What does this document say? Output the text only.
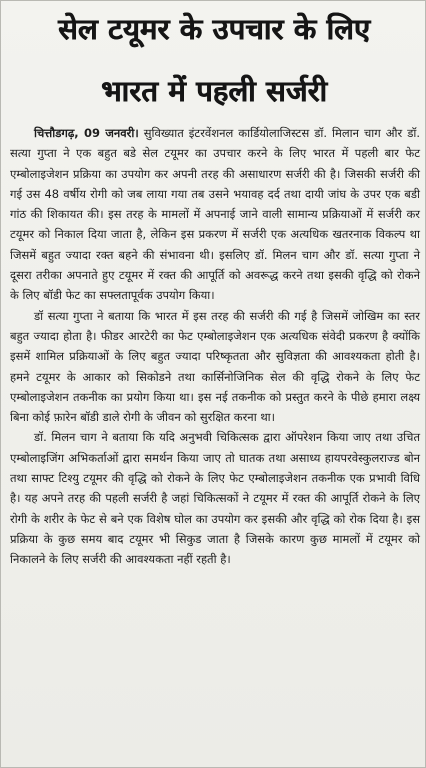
सेल टयूमर के उपचार के लिए
भारत में पहली सर्जरी

चित्तौडगढ़, 09 जनवरी। सुविख्यात इंटरवेंशनल कार्डियोलाजिस्टस डॉ. मिलान चाग और डॉ. सत्या गुप्ता ने एक बहुत बडे सेल टयूमर का उपचार करने के लिए भारत में पहली बार फेट एम्बोलाइजेशन प्रक्रिया का उपयोग कर अपनी तरह की असाधारण सर्जरी की है। जिसकी सर्जरी की गई उस 48 वर्षीय रोगी को जब लाया गया तब उसने भयावह दर्द तथा दायी जांघ के उपर एक बडी गांठ की शिकायत की। इस तरह के मामलों में अपनाई जाने वाली सामान्य प्रक्रियाओं में सर्जरी कर टयूमर को निकाल दिया जाता है, लेकिन इस प्रकरण में सर्जरी एक अत्यधिक खतरनाक विकल्प था जिसमें बहुत ज्यादा रक्त बहने की संभावना थी। इसलिए डॉ. मिलन चाग और डॉ. सत्या गुप्ता ने दूसरा तरीका अपनाते हुए टयूमर में रक्त की आपूर्ति को अवरूद्ध करने तथा इसकी वृद्धि को रोकने के लिए बॉडी फेट का सफ्लतापूर्वक उपयोग किया।

डॉ सत्या गुप्ता ने बताया कि भारत में इस तरह की सर्जरी की गई है जिसमें जोखिम का स्तर बहुत ज्यादा होता है। फीडर आरटेरी का फेट एम्बोलाइजेशन एक अत्यधिक संवेदी प्रकरण है क्योंकि इसमें शामिल प्रक्रियाओं के लिए बहुत ज्यादा परिष्कृतता और सुविज्ञता की आवश्यकता होती है। हमने टयूमर के आकार को सिकोडने तथा कार्सिनोजिनिक सेल की वृद्धि रोकने के लिए फेट एम्बोलाइजेशन तकनीक का प्रयोग किया था। इस नई तकनीक को प्रस्तुत करने के पीछे हमारा लक्ष्य बिना कोई फ़ारेन बॉडी डाले रोगी के जीवन को सुरक्षित करना था।

डॉ. मिलन चाग ने बताया कि यदि अनुभवी चिकित्सक द्वारा ऑपरेशन किया जाए तथा उचित एम्बोलाइजिंग अभिकर्ताओं द्वारा समर्थन किया जाए तो घातक तथा असाध्य हायपरवेस्कुलराज्ड बोन तथा साफ्ट टिश्यु टयूमर की वृद्धि को रोकने के लिए फेट एम्बोलाइजेशन तकनीक एक प्रभावी विधि है। यह अपने तरह की पहली सर्जरी है जहां चिकित्सकों ने टयूमर में रक्त की आपूर्ति रोकने के लिए रोगी के शरीर के फेट से बने एक विशेष घोल का उपयोग कर इसकी और वृद्धि को रोक दिया है। इस प्रक्रिया के कुछ समय बाद टयूमर भी सिकुड जाता है जिसके कारण कुछ मामलों में टयूमर को निकालने के लिए सर्जरी की आवश्यकता नहीं रहती है।
